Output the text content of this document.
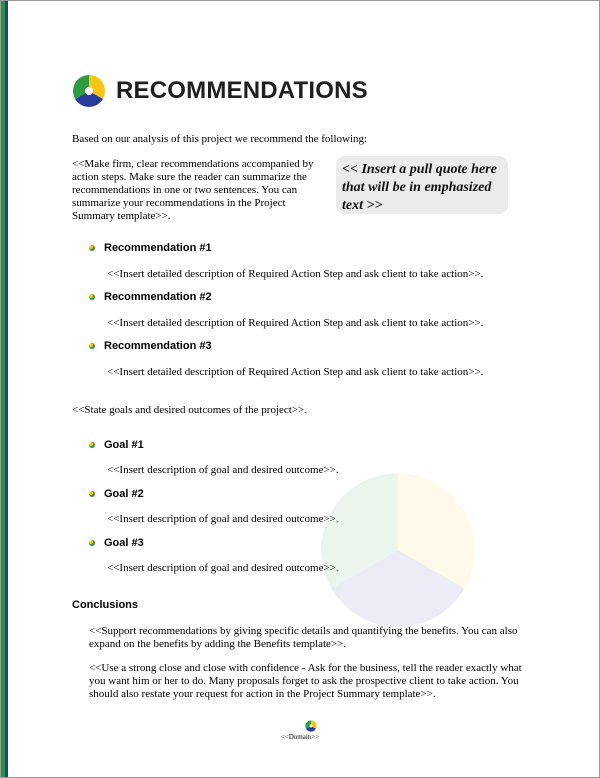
RECOMMENDATIONS
Based on our analysis of this project we recommend the following:
<<Make firm, clear recommendations accompanied by
action steps. Make sure the reader can summarize the
recommendations in one or two sentences. You can
summarize your recommendations in the Project
Summary template>>.
<< Insert a pull quote here
that will be in emphasized
text >>
Recommendation #1
<<Insert detailed description of Required Action Step and ask client to take action>>.
Recommendation #2
<<Insert detailed description of Required Action Step and ask client to take action>>.
Recommendation #3
<<Insert detailed description of Required Action Step and ask client to take action>>.
<<State goals and desired outcomes of the project>>.
Goal #1
<<Insert description of goal and desired outcome>>.
Goal #2
<<Insert description of goal and desired outcome>>.
Goal #3
<<Insert description of goal and desired outcome>>.
Conclusions
<<Support recommendations by giving specific details and quantifying the benefits. You can also
expand on the benefits by adding the Benefits template>>.
<<Use a strong close and close with confidence - Ask for the business, tell the reader exactly what
you want him or her to do. Many proposals forget to ask the prospective client to take action. You
should also restate your request for action in the Project Summary template>>.
<<Domain>>
